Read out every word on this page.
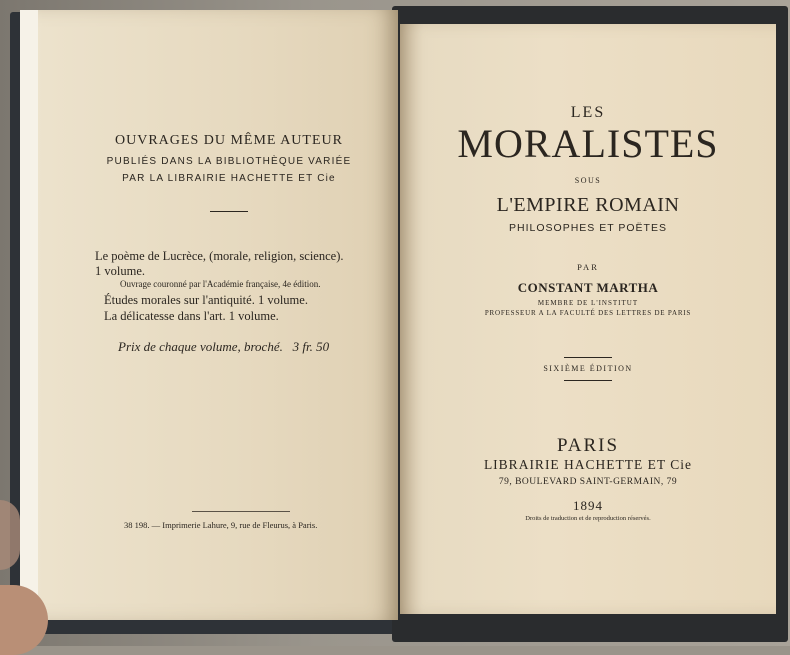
OUVRAGES DU MÊME AUTEUR
PUBLIÉS DANS LA BIBLIOTHÈQUE VARIÉE
PAR LA LIBRAIRIE HACHETTE ET Cie
Le poème de Lucrèce, (morale, religion, science).
1 volume.
Ouvrage couronné par l'Académie française, 4e édition.
Études morales sur l'antiquité. 1 volume.
La délicatesse dans l'art. 1 volume.
Prix de chaque volume, broché.   3 fr. 50
38 198. — Imprimerie Lahure, 9, rue de Fleurus, à Paris.
LES
MORALISTES
SOUS
L'EMPIRE ROMAIN
PHILOSOPHES ET POËTES
PAR
CONSTANT MARTHA
MEMBRE DE L'INSTITUT
PROFESSEUR A LA FACULTÉ DES LETTRES DE PARIS
SIXIÈME ÉDITION
PARIS
LIBRAIRIE HACHETTE ET Cie
79, BOULEVARD SAINT-GERMAIN, 79
1894
Droits de traduction et de reproduction réservés.
